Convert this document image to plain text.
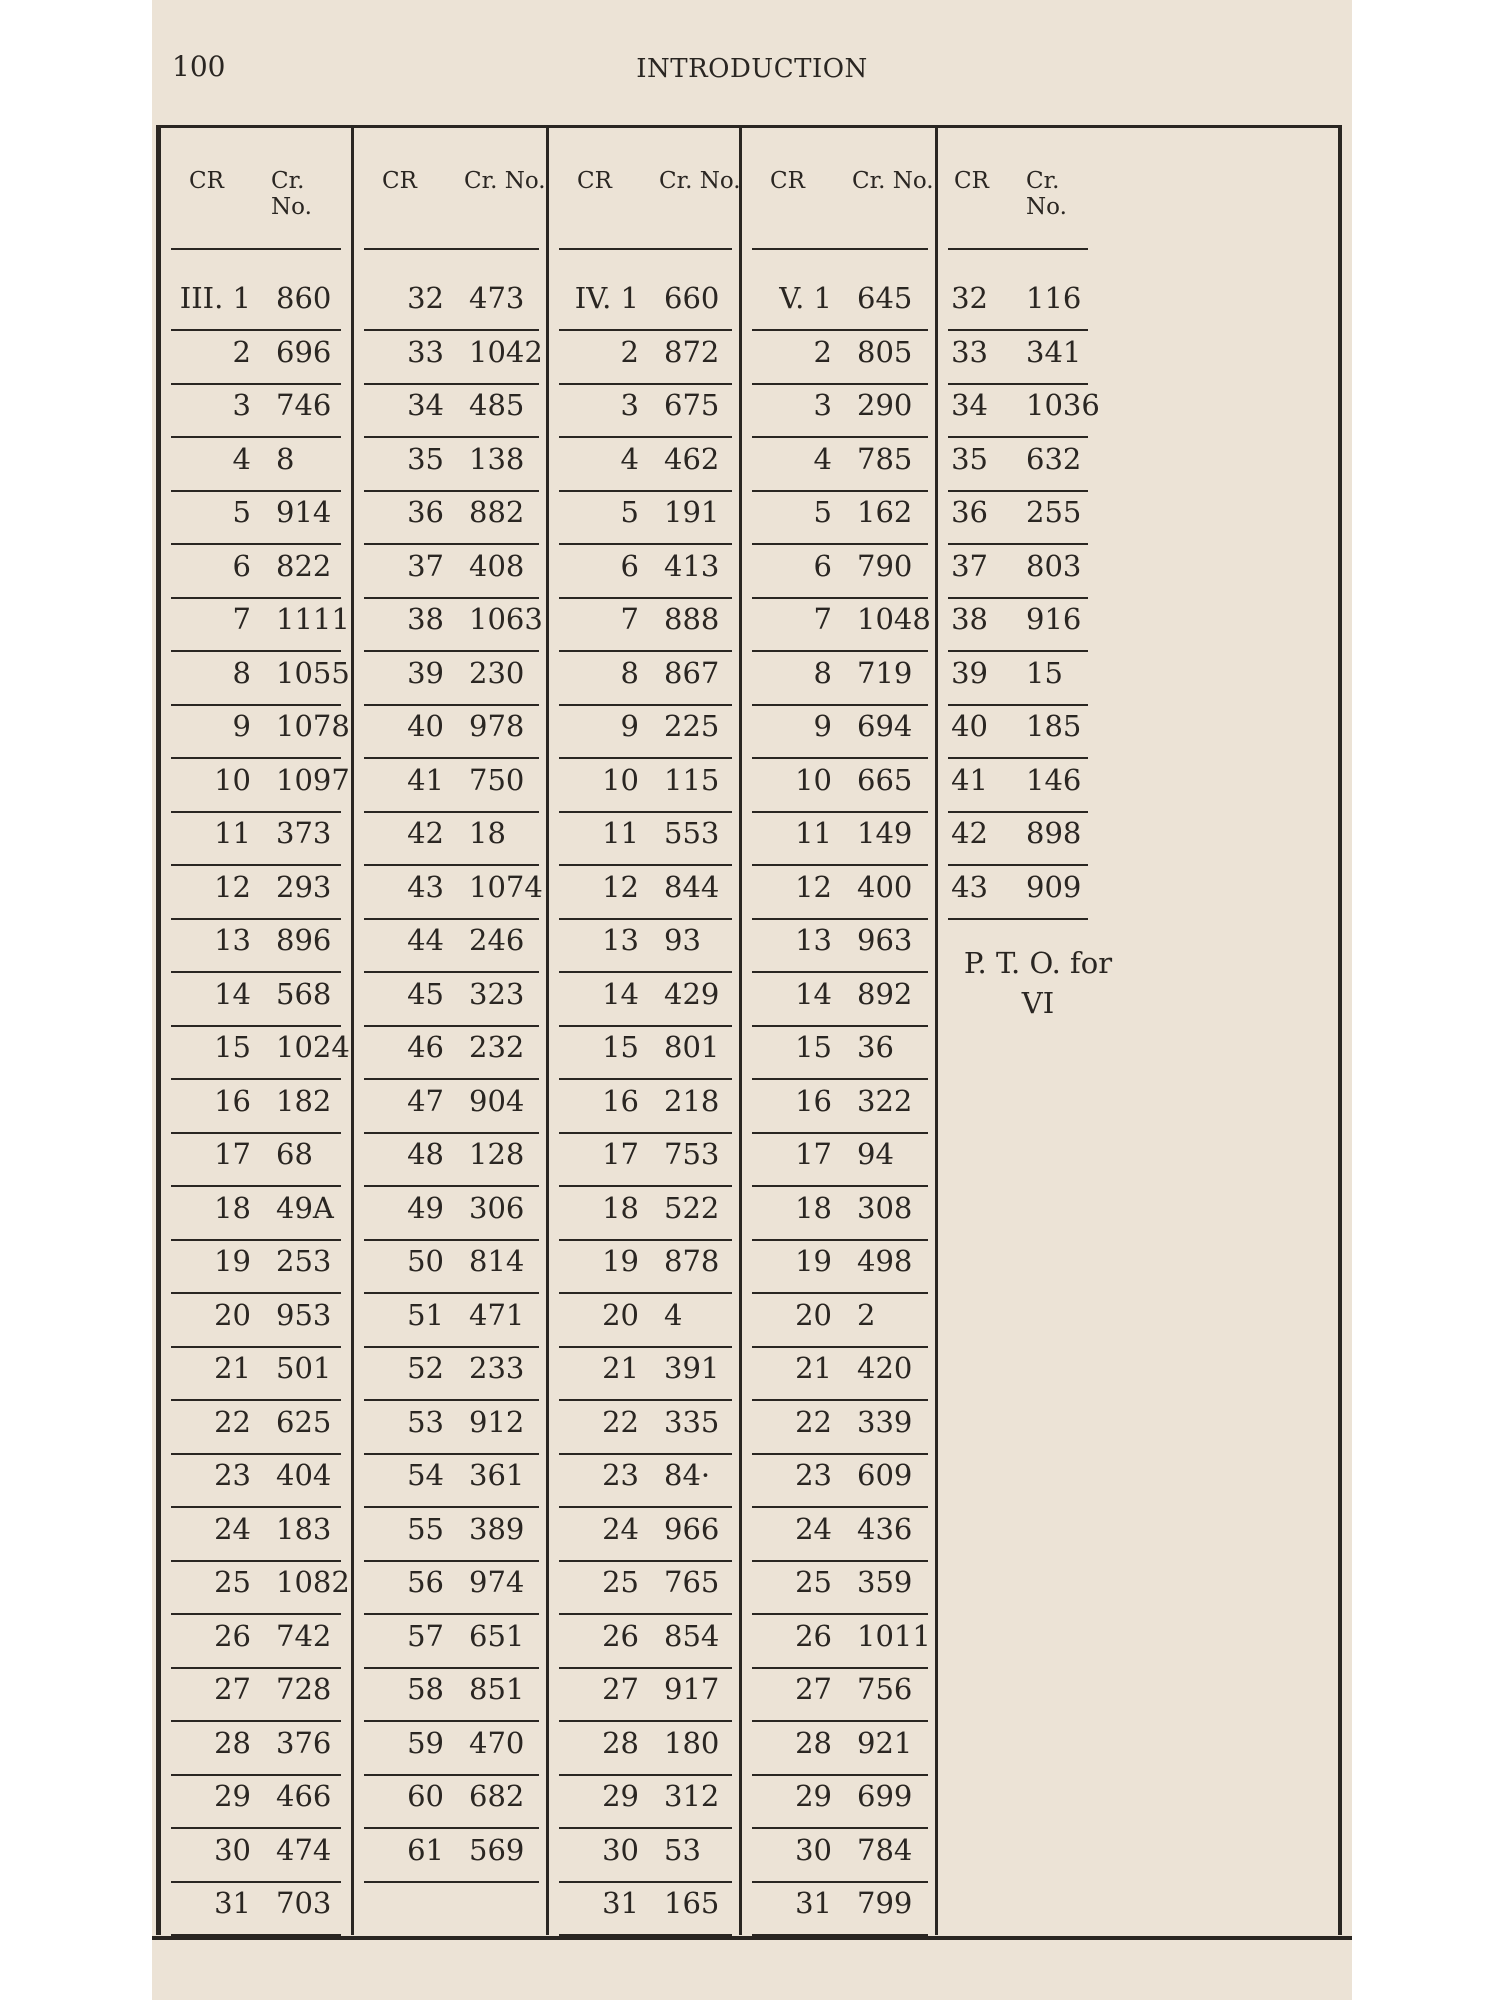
100	INTRODUCTION
CR Cr. No.
III. 1 860
2 696
3 746
4 8
5 914
6 822
7 1111
8 1055
9 1078
10 1097
11 373
12 293
13 896
14 568
15 1024
16 182
17 68
18 49A
19 253
20 953
21 501
22 625
23 404
24 183
25 1082
26 742
27 728
28 376
29 466
30 474
31 703
CR Cr. No.
32 473
33 1042
34 485
35 138
36 882
37 408
38 1063
39 230
40 978
41 750
42 18
43 1074
44 246
45 323
46 232
47 904
48 128
49 306
50 814
51 471
52 233
53 912
54 361
55 389
56 974
57 651
58 851
59 470
60 682
61 569
CR Cr. No.
IV. 1 660
2 872
3 675
4 462
5 191
6 413
7 888
8 867
9 225
10 115
11 553
12 844
13 93
14 429
15 801
16 218
17 753
18 522
19 878
20 4
21 391
22 335
23 84·
24 966
25 765
26 854
27 917
28 180
29 312
30 53
31 165
CR Cr. No.
V. 1 645
2 805
3 290
4 785
5 162
6 790
7 1048
8 719
9 694
10 665
11 149
12 400
13 963
14 892
15 36
16 322
17 94
18 308
19 498
20 2
21 420
22 339
23 609
24 436
25 359
26 1011
27 756
28 921
29 699
30 784
31 799
CR Cr. No.
32 116
33 341
34 1036
35 632
36 255
37 803
38 916
39 15
40 185
41 146
42 898
43 909
P. T. O. for VI
